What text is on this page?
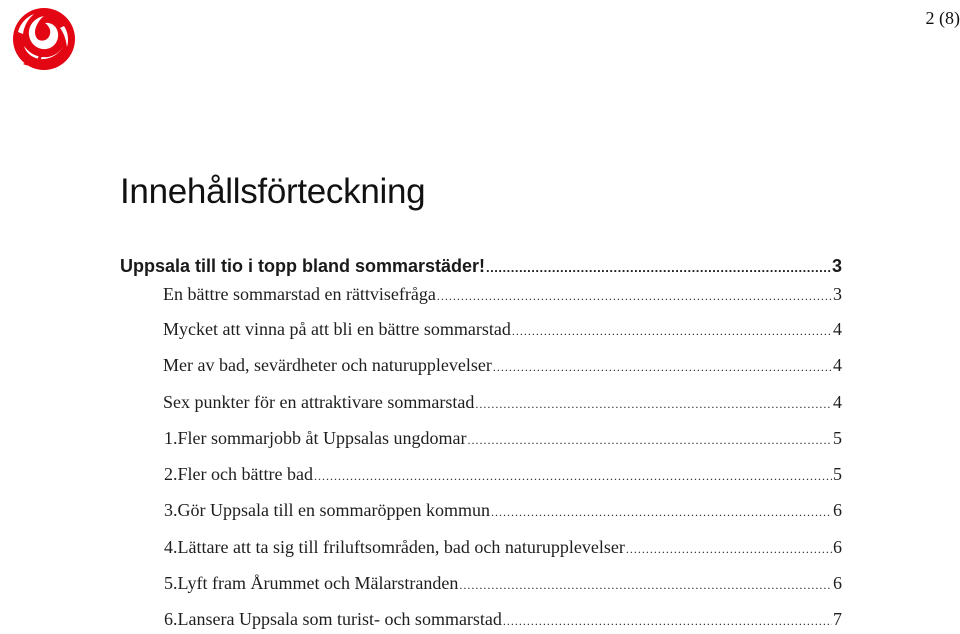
2 (8)
Innehållsförteckning
Uppsala till tio i topp bland sommarstäder! .....	3
En bättre sommarstad en rättvisefråga .....	3
Mycket att vinna på att bli en bättre sommarstad .....	4
Mer av bad, sevärdheter och naturupplevelser .....	4
Sex punkter för en attraktivare sommarstad .....	4
1. Fler sommarjobb åt Uppsalas ungdomar .....	5
2. Fler och bättre bad .....	5
3. Gör Uppsala till en sommaröppen kommun .....	6
4. Lättare att ta sig till friluftsområden, bad och naturupplevelser .....	6
5. Lyft fram Årummet och Mälarstranden .....	6
6. Lansera Uppsala som turist- och sommarstad .....	7
